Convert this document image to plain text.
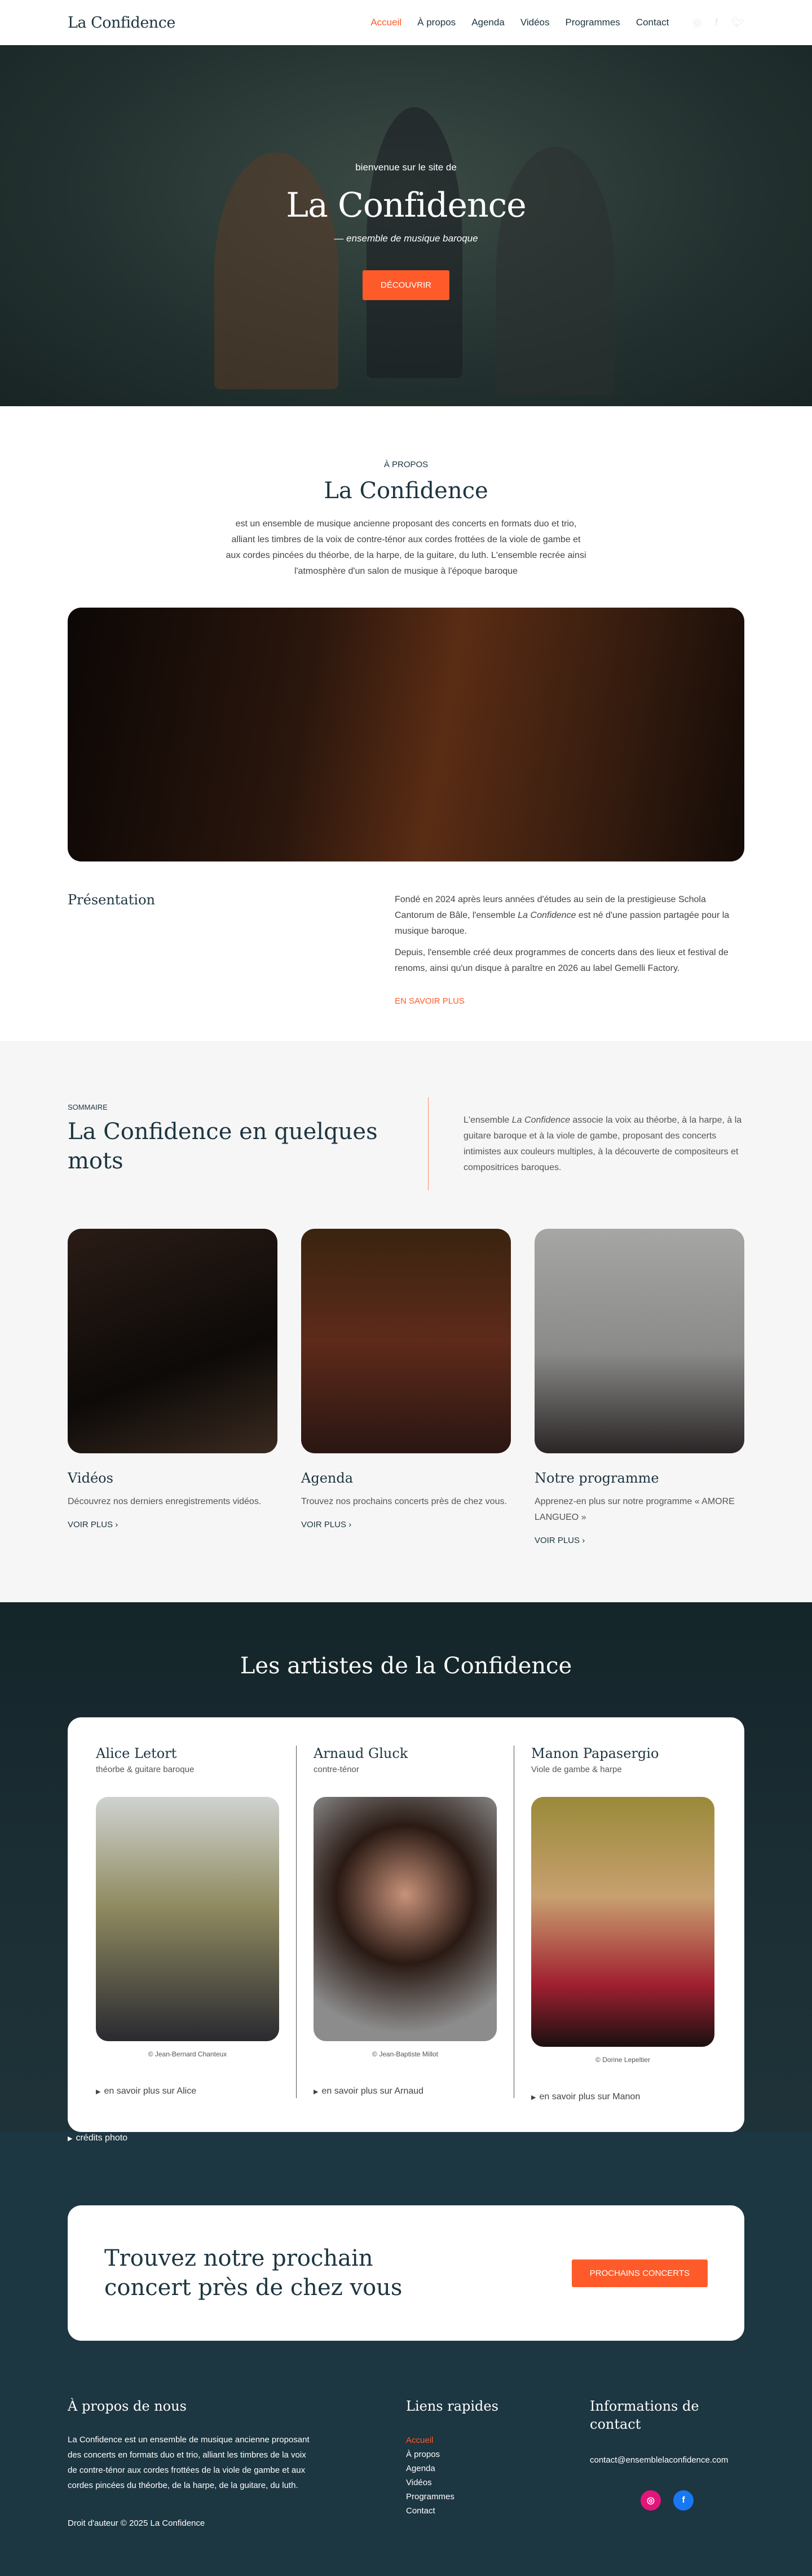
La Confidence	Accueil À propos Agenda Vidéos Programmes Contact ◎ f 🐦︎
bienvenue sur le site de
La Confidence
— ensemble de musique baroque
DÉCOUVRIR
À PROPOS
La Confidence

est un ensemble de musique ancienne proposant des concerts en formats duo et trio, alliant les timbres de la voix de contre-ténor aux cordes frottées de la viole de gambe et aux cordes pincées du théorbe, de la harpe, de la guitare, du luth. L'ensemble recrée ainsi l'atmosphère d'un salon de musique à l'époque baroque

Présentation	Fondé en 2024 après leurs années d'études au sein de la prestigieuse Schola Cantorum de Bâle, l'ensemble La Confidence est né d'une passion partagée pour la musique baroque.

Depuis, l'ensemble créé deux programmes de concerts dans des lieux et festival de renoms, ainsi qu'un disque à paraître en 2026 au label Gemelli Factory.

EN SAVOIR PLUS
SOMMAIRE
La Confidence en quelques mots
L'ensemble La Confidence associe la voix au théorbe, à la harpe, à la guitare baroque et à la viole de gambe, proposant des concerts intimistes aux couleurs multiples, à la découverte de compositeurs et compositrices baroques.
Vidéos

Découvrez nos derniers enregistrements vidéos.

VOIR PLUS ›
Agenda

Trouvez nos prochains concerts près de chez vous.

VOIR PLUS ›
Notre programme

Apprenez-en plus sur notre programme « AMORE LANGUEO »

VOIR PLUS ›
Les artistes de la Confidence
Alice Letort
théorbe & guitare baroque
© Jean-Bernard Chanteux
▶ en savoir plus sur Alice
Arnaud Gluck
contre-ténor
© Jean-Baptiste Millot
▶ en savoir plus sur Arnaud
Manon Papasergio
Viole de gambe & harpe
© Dorine Lepeltier
▶ en savoir plus sur Manon
▶ crédits photo
Trouvez notre prochain concert près de chez vous
PROCHAINS CONCERTS
À propos de nous

La Confidence est un ensemble de musique ancienne proposant des concerts en formats duo et trio, alliant les timbres de la voix de contre-ténor aux cordes frottées de la viole de gambe et aux cordes pincées du théorbe, de la harpe, de la guitare, du luth.

Droit d'auteur © 2025 La Confidence

Liens rapides
Accueil
À propos
Agenda
Vidéos
Programmes
Contact
Informations de contact
contact@ensemblelaconfidence.com
◎	f
